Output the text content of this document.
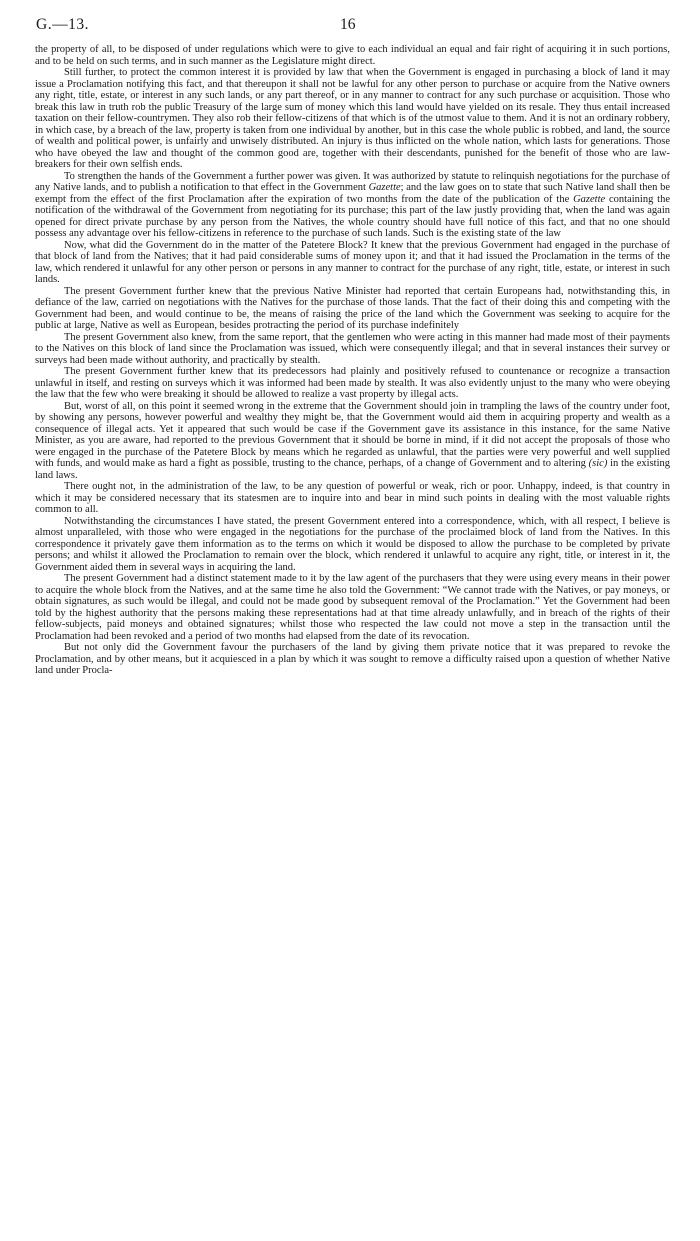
G.—13.	16

the property of all, to be disposed of under regulations which were to give to each individual an equal and fair right of acquiring it in such portions, and to be held on such terms, and in such manner as the Legislature might direct.

Still further, to protect the common interest it is provided by law that when the Government is engaged in purchasing a block of land it may issue a Proclamation notifying this fact, and that thereupon it shall not be lawful for any other person to purchase or acquire from the Native owners any right, title, estate, or interest in any such lands, or any part thereof, or in any manner to contract for any such purchase or acquisition. Those who break this law in truth rob the public Treasury of the large sum of money which this land would have yielded on its resale. They thus entail increased taxation on their fellow-countrymen. They also rob their fellow-citizens of that which is of the utmost value to them. And it is not an ordinary robbery, in which case, by a breach of the law, property is taken from one individual by another, but in this case the whole public is robbed, and land, the source of wealth and political power, is unfairly and unwisely distributed. An injury is thus inflicted on the whole nation, which lasts for generations. Those who have obeyed the law and thought of the common good are, together with their descendants, punished for the benefit of those who are law-breakers for their own selfish ends.

To strengthen the hands of the Government a further power was given. It was authorized by statute to relinquish negotiations for the purchase of any Native lands, and to publish a notification to that effect in the Government Gazette; and the law goes on to state that such Native land shall then be exempt from the effect of the first Proclamation after the expiration of two months from the date of the publication of the Gazette containing the notification of the withdrawal of the Government from negotiating for its purchase; this part of the law justly providing that, when the land was again opened for direct private purchase by any person from the Natives, the whole country should have full notice of this fact, and that no one should possess any advantage over his fellow-citizens in reference to the purchase of such lands. Such is the existing state of the law

Now, what did the Government do in the matter of the Patetere Block? It knew that the previous Government had engaged in the purchase of that block of land from the Natives; that it had paid considerable sums of money upon it; and that it had issued the Proclamation in the terms of the law, which rendered it unlawful for any other person or persons in any manner to contract for the purchase of any right, title, estate, or interest in such lands.

The present Government further knew that the previous Native Minister had reported that certain Europeans had, notwithstanding this, in defiance of the law, carried on negotiations with the Natives for the purchase of those lands. That the fact of their doing this and competing with the Government had been, and would continue to be, the means of raising the price of the land which the Government was seeking to acquire for the public at large, Native as well as European, besides protracting the period of its purchase indefinitely

The present Government also knew, from the same report, that the gentlemen who were acting in this manner had made most of their payments to the Natives on this block of land since the Proclamation was issued, which were consequently illegal; and that in several instances their survey or surveys had been made without authority, and practically by stealth.

The present Government further knew that its predecessors had plainly and positively refused to countenance or recognize a transaction unlawful in itself, and resting on surveys which it was informed had been made by stealth. It was also evidently unjust to the many who were obeying the law that the few who were breaking it should be allowed to realize a vast property by illegal acts.

But, worst of all, on this point it seemed wrong in the extreme that the Government should join in trampling the laws of the country under foot, by showing any persons, however powerful and wealthy they might be, that the Government would aid them in acquiring property and wealth as a consequence of illegal acts. Yet it appeared that such would be case if the Government gave its assistance in this instance, for the same Native Minister, as you are aware, had reported to the previous Government that it should be borne in mind, if it did not accept the proposals of those who were engaged in the purchase of the Patetere Block by means which he regarded as unlawful, that the parties were very powerful and well supplied with funds, and would make as hard a fight as possible, trusting to the chance, perhaps, of a change of Government and to altering (sic) in the existing land laws.

There ought not, in the administration of the law, to be any question of powerful or weak, rich or poor. Unhappy, indeed, is that country in which it may be considered necessary that its statesmen are to inquire into and bear in mind such points in dealing with the most valuable rights common to all.

Notwithstanding the circumstances I have stated, the present Government entered into a correspondence, which, with all respect, I believe is almost unparalleled, with those who were engaged in the negotiations for the purchase of the proclaimed block of land from the Natives. In this correspondence it privately gave them information as to the terms on which it would be disposed to allow the purchase to be completed by private persons; and whilst it allowed the Proclamation to remain over the block, which rendered it unlawful to acquire any right, title, or interest in it, the Government aided them in several ways in acquiring the land.

The present Government had a distinct statement made to it by the law agent of the purchasers that they were using every means in their power to acquire the whole block from the Natives, and at the same time he also told the Government: “We cannot trade with the Natives, or pay moneys, or obtain signatures, as such would be illegal, and could not be made good by subsequent removal of the Proclamation.” Yet the Government had been told by the highest authority that the persons making these representations had at that time already unlawfully, and in breach of the rights of their fellow-subjects, paid moneys and obtained signatures; whilst those who respected the law could not move a step in the transaction until the Proclamation had been revoked and a period of two months had elapsed from the date of its revocation.

But not only did the Government favour the purchasers of the land by giving them private notice that it was prepared to revoke the Proclamation, and by other means, but it acquiesced in a plan by which it was sought to remove a difficulty raised upon a question of whether Native land under Procla-
